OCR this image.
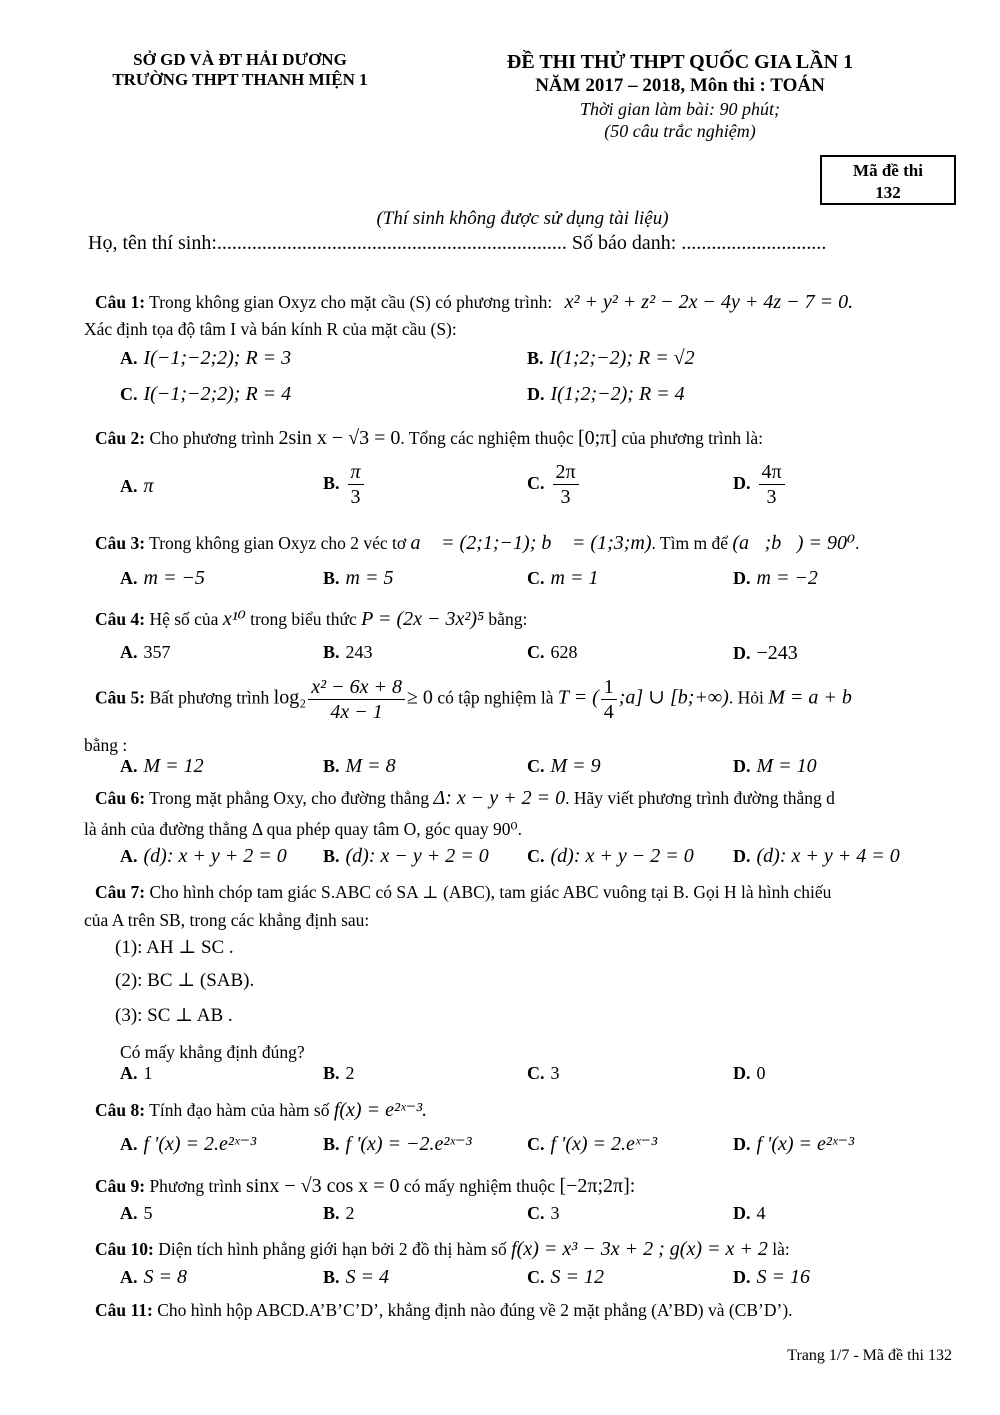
SỞ GD VÀ ĐT HẢI DƯƠNG
TRƯỜNG THPT THANH MIỆN 1
ĐỀ THI THỬ THPT QUỐC GIA LẦN 1
NĂM 2017 – 2018, Môn thi : TOÁN
Thời gian làm bài: 90 phút;
(50 câu trắc nghiệm)
Mã đề thi
132
(Thí sinh không được sử dụng tài liệu)
Họ, tên thí sinh:...................................................................... Số báo danh: .............................
Câu 1: Trong không gian Oxyz cho mặt cầu (S) có phương trình: x² + y² + z² − 2x − 4y + 4z − 7 = 0.
Xác định tọa độ tâm I và bán kính R của mặt cầu (S):
A. I(−1;−2;2); R = 3	B. I(1;2;−2); R = √2
C. I(−1;−2;2); R = 4	D. I(1;2;−2); R = 4
Câu 2: Cho phương trình 2sin x − √3 = 0. Tổng các nghiệm thuộc [0;π] của phương trình là:
A. π	B. $\frac{\pi}{3}$	C. $\frac{2\pi}{3}$	D. $\frac{4\pi}{3}$
Câu 3: Trong không gian Oxyz cho 2 véc tơ a⃗ = (2;1;−1); b⃗ = (1;3;m). Tìm m để (a⃗;b⃗) = 90⁰.
A. m = −5	B. m = 5	C. m = 1	D. m = −2
Câu 4: Hệ số của x¹⁰ trong biểu thức P = (2x − 3x²)⁵ bằng:
A. 357	B. 243	C. 628	D. −243
Câu 5: Bất phương trình $\log_2 \frac{\text{x² − 6x + 8}}{4x - 1} \ge 0$ có tập nghiệm là T = ( $\frac{1}{4}$ ;a] ∪ [b;+∞). Hỏi M = a + b
bằng :
A. M = 12	B. M = 8	C. M = 9	D. M = 10
Câu 6: Trong mặt phẳng Oxy, cho đường thẳng Δ: x − y + 2 = 0. Hãy viết phương trình đường thẳng d
là ảnh của đường thẳng Δ qua phép quay tâm O, góc quay 90⁰.
A. (d): x + y + 2 = 0 B. (d): x − y + 2 = 0 C. (d): x + y − 2 = 0 D. (d): x + y + 4 = 0
Câu 7: Cho hình chóp tam giác S.ABC có SA ⊥ (ABC), tam giác ABC vuông tại B. Gọi H là hình chiếu
của A trên SB, trong các khẳng định sau:
(1): AH ⊥ SC .
(2): BC ⊥ (SAB).
(3): SC ⊥ AB .
Có mấy khẳng định đúng?
A. 1	B. 2	C. 3	D. 0
Câu 8: Tính đạo hàm của hàm số f(x) = e²ˣ⁻³.
A. f '(x) = 2.e²ˣ⁻³	B. f '(x) = −2.e²ˣ⁻³	C. f '(x) = 2.eˣ⁻³	D. f '(x) = e²ˣ⁻³
Câu 9: Phương trình sinx − √3 cos x = 0 có mấy nghiệm thuộc [−2π;2π]:
A. 5	B. 2	C. 3	D. 4
Câu 10: Diện tích hình phẳng giới hạn bởi 2 đồ thị hàm số f(x) = x³ − 3x + 2 ; g(x) = x + 2 là:
A. S = 8	B. S = 4	C. S = 12	D. S = 16
Câu 11: Cho hình hộp ABCD.A’B’C’D’, khẳng định nào đúng về 2 mặt phẳng (A’BD) và (CB’D’).
Trang 1/7 - Mã đề thi 132
